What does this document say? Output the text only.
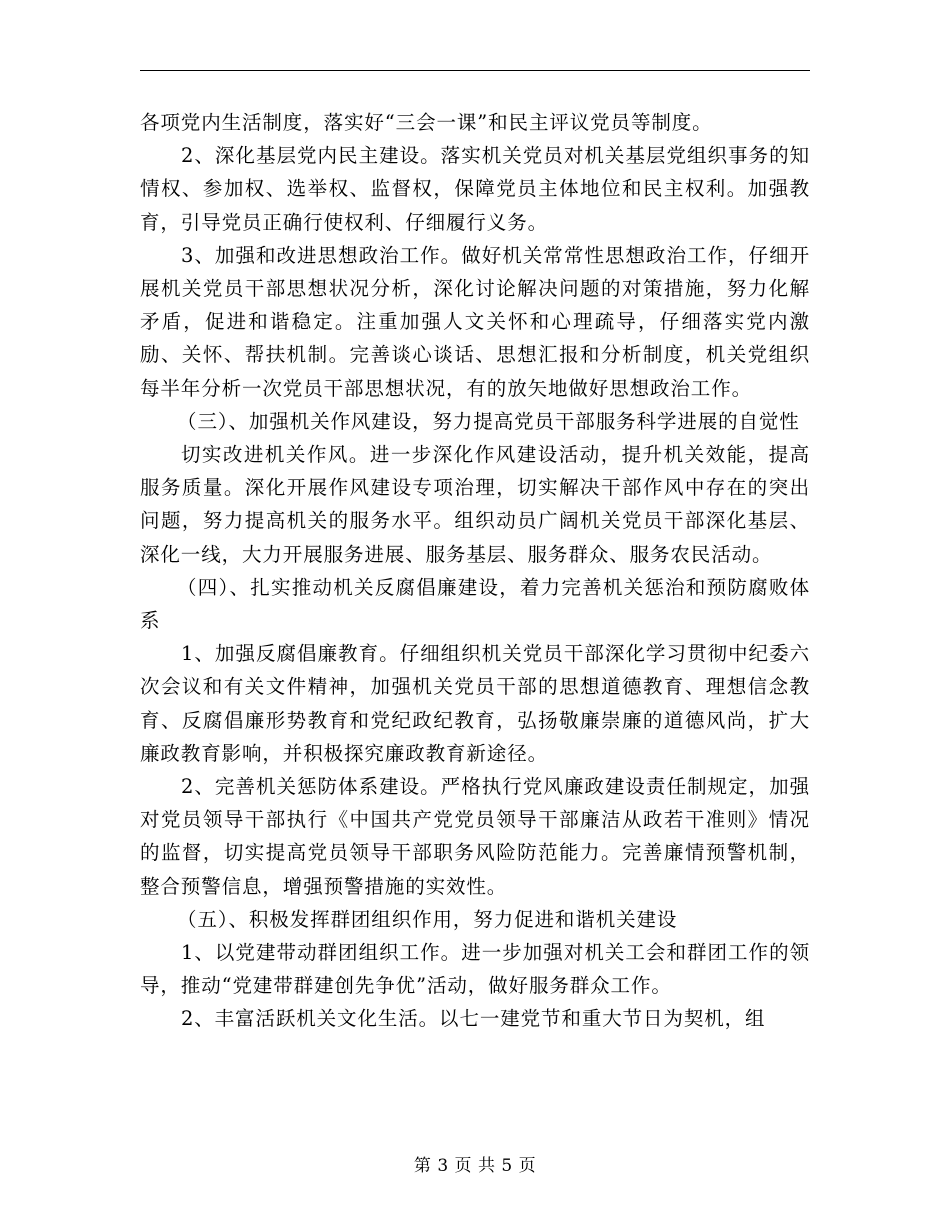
各项党内生活制度，落实好“三会一课”和民主评议党员等制度。

2、深化基层党内民主建设。落实机关党员对机关基层党组织事务的知情权、参加权、选举权、监督权，保障党员主体地位和民主权利。加强教育，引导党员正确行使权利、仔细履行义务。

3、加强和改进思想政治工作。做好机关常常性思想政治工作，仔细开展机关党员干部思想状况分析，深化讨论解决问题的对策措施，努力化解矛盾，促进和谐稳定。注重加强人文关怀和心理疏导，仔细落实党内激励、关怀、帮扶机制。完善谈心谈话、思想汇报和分析制度，机关党组织每半年分析一次党员干部思想状况，有的放矢地做好思想政治工作。

（三）、加强机关作风建设，努力提高党员干部服务科学进展的自觉性

切实改进机关作风。进一步深化作风建设活动，提升机关效能，提高服务质量。深化开展作风建设专项治理，切实解决干部作风中存在的突出问题，努力提高机关的服务水平。组织动员广阔机关党员干部深化基层、深化一线，大力开展服务进展、服务基层、服务群众、服务农民活动。

（四）、扎实推动机关反腐倡廉建设，着力完善机关惩治和预防腐败体系

1、加强反腐倡廉教育。仔细组织机关党员干部深化学习贯彻中纪委六次会议和有关文件精神，加强机关党员干部的思想道德教育、理想信念教育、反腐倡廉形势教育和党纪政纪教育，弘扬敬廉崇廉的道德风尚，扩大廉政教育影响，并积极探究廉政教育新途径。

2、完善机关惩防体系建设。严格执行党风廉政建设责任制规定，加强对党员领导干部执行《中国共产党党员领导干部廉洁从政若干准则》情况的监督，切实提高党员领导干部职务风险防范能力。完善廉情预警机制，整合预警信息，增强预警措施的实效性。

（五）、积极发挥群团组织作用，努力促进和谐机关建设

1、以党建带动群团组织工作。进一步加强对机关工会和群团工作的领导，推动“党建带群建创先争优”活动，做好服务群众工作。

2、丰富活跃机关文化生活。以七一建党节和重大节日为契机，组

第 3 页 共 5 页
